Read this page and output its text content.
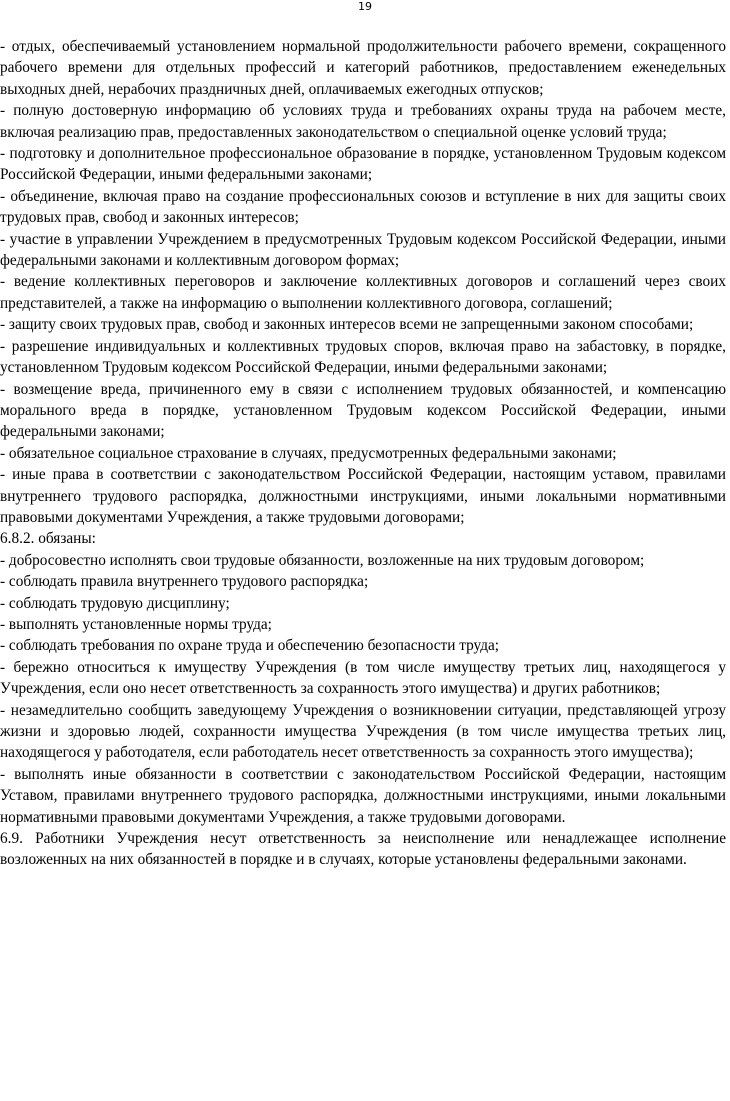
19

- отдых, обеспечиваемый установлением нормальной продолжительности рабочего времени, сокращенного рабочего времени для отдельных профессий и категорий работников, предоставлением еженедельных выходных дней, нерабочих праздничных дней, оплачиваемых ежегодных отпусков;

- полную достоверную информацию об условиях труда и требованиях охраны труда на рабочем месте, включая реализацию прав, предоставленных законодательством о специальной оценке условий труда;

- подготовку и дополнительное профессиональное образование в порядке, установленном Трудовым кодексом Российской Федерации, иными федеральными законами;

- объединение, включая право на создание профессиональных союзов и вступление в них для защиты своих трудовых прав, свобод и законных интересов;

- участие в управлении Учреждением в предусмотренных Трудовым кодексом Российской Федерации, иными федеральными законами и коллективным договором формах;

- ведение коллективных переговоров и заключение коллективных договоров и соглашений через своих представителей, а также на информацию о выполнении коллективного договора, соглашений;

- защиту своих трудовых прав, свобод и законных интересов всеми не запрещенными законом способами;

- разрешение индивидуальных и коллективных трудовых споров, включая право на забастовку, в порядке, установленном Трудовым кодексом Российской Федерации, иными федеральными законами;

- возмещение вреда, причиненного ему в связи с исполнением трудовых обязанностей, и компенсацию морального вреда в порядке, установленном Трудовым кодексом Российской Федерации, иными федеральными законами;

- обязательное социальное страхование в случаях, предусмотренных федеральными законами;

- иные права в соответствии с законодательством Российской Федерации, настоящим уставом, правилами внутреннего трудового распорядка, должностными инструкциями, иными локальными нормативными правовыми документами Учреждения, а также трудовыми договорами;

6.8.2. обязаны:

- добросовестно исполнять свои трудовые обязанности, возложенные на них трудовым договором;

- соблюдать правила внутреннего трудового распорядка;

- соблюдать трудовую дисциплину;

- выполнять установленные нормы труда;

- соблюдать требования по охране труда и обеспечению безопасности труда;

- бережно относиться к имуществу Учреждения (в том числе имуществу третьих лиц, находящегося у Учреждения, если оно несет ответственность за сохранность этого имущества) и других работников;

- незамедлительно сообщить заведующему Учреждения о возникновении ситуации, представляющей угрозу жизни и здоровью людей, сохранности имущества Учреждения (в том числе имущества третьих лиц, находящегося у работодателя, если работодатель несет ответственность за сохранность этого имущества);

- выполнять иные обязанности в соответствии с законодательством Российской Федерации, настоящим Уставом, правилами внутреннего трудового распорядка, должностными инструкциями, иными локальными нормативными правовыми документами Учреждения, а также трудовыми договорами.

6.9. Работники Учреждения несут ответственность за неисполнение или ненадлежащее исполнение возложенных на них обязанностей в порядке и в случаях, которые установлены федеральными законами.
